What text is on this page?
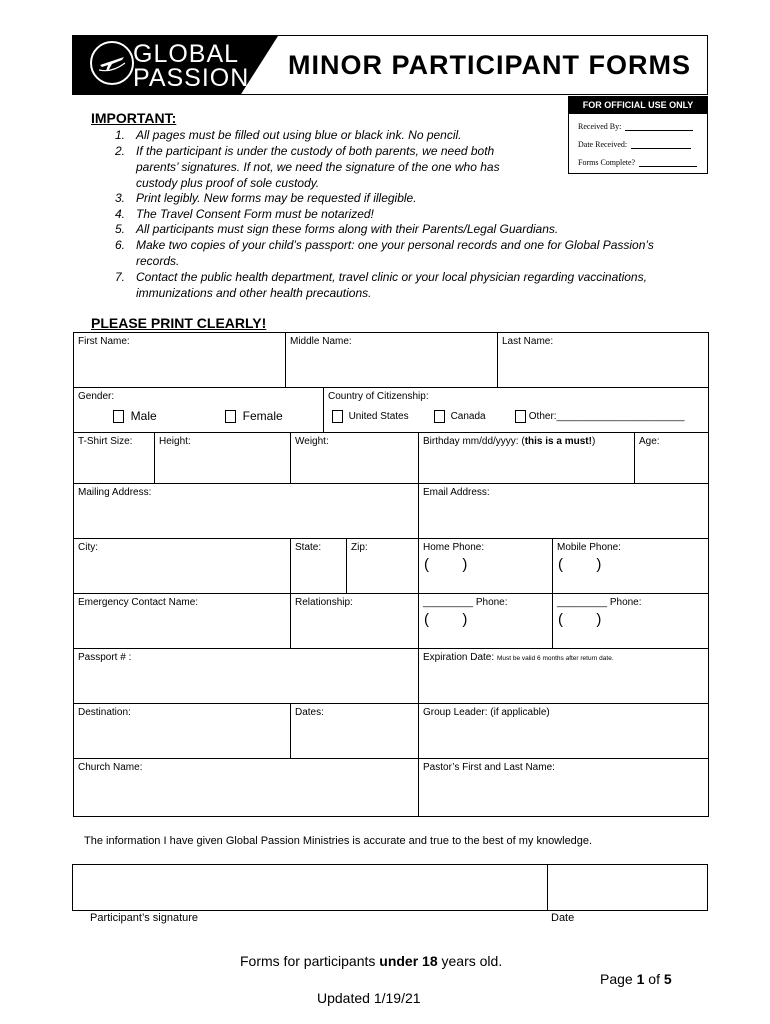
GLOBAL
PASSION MINOR PARTICIPANT FORMS
FOR OFFICIAL USE ONLY
Received By:
Date Received:
Forms Complete?
IMPORTANT:
1. All pages must be filled out using blue or black ink. No pencil.
2. If the participant is under the custody of both parents, we need both
parents’ signatures. If not, we need the signature of the one who has
custody plus proof of sole custody.
3. Print legibly. New forms may be requested if illegible.
4. The Travel Consent Form must be notarized!
5. All participants must sign these forms along with their Parents/Legal Guardians.
6. Make two copies of your child’s passport: one your personal records and one for Global Passion’s
records.
7. Contact the public health department, travel clinic or your local physician regarding vaccinations,
immunizations and other health precautions.
PLEASE PRINT CLEARLY!
First Name:	Middle Name:	Last Name:
Gender:	Country of Citizenship:
Male	Female	United States	Canada	Other:_______________________
T-Shirt Size:	Height:	Weight:	Birthday mm/dd/yyyy: (this is a must!)	Age:
Mailing Address:	Email Address:
City:	State:	Zip:	Home Phone:	Mobile Phone:
(        )	(        )
Emergency Contact Name:	Relationship:	_________ Phone:	_________ Phone:
(        )	(        )
Passport # :	Expiration Date: Must be valid 6 months after return date.
Destination:	Dates:	Group Leader: (if applicable)
Church Name:	Pastor’s First and Last Name:
The information I have given Global Passion Ministries is accurate and true to the best of my knowledge.
Participant’s signature	Date
Forms for participants under 18 years old.
Page 1 of 5
Updated 1/19/21
